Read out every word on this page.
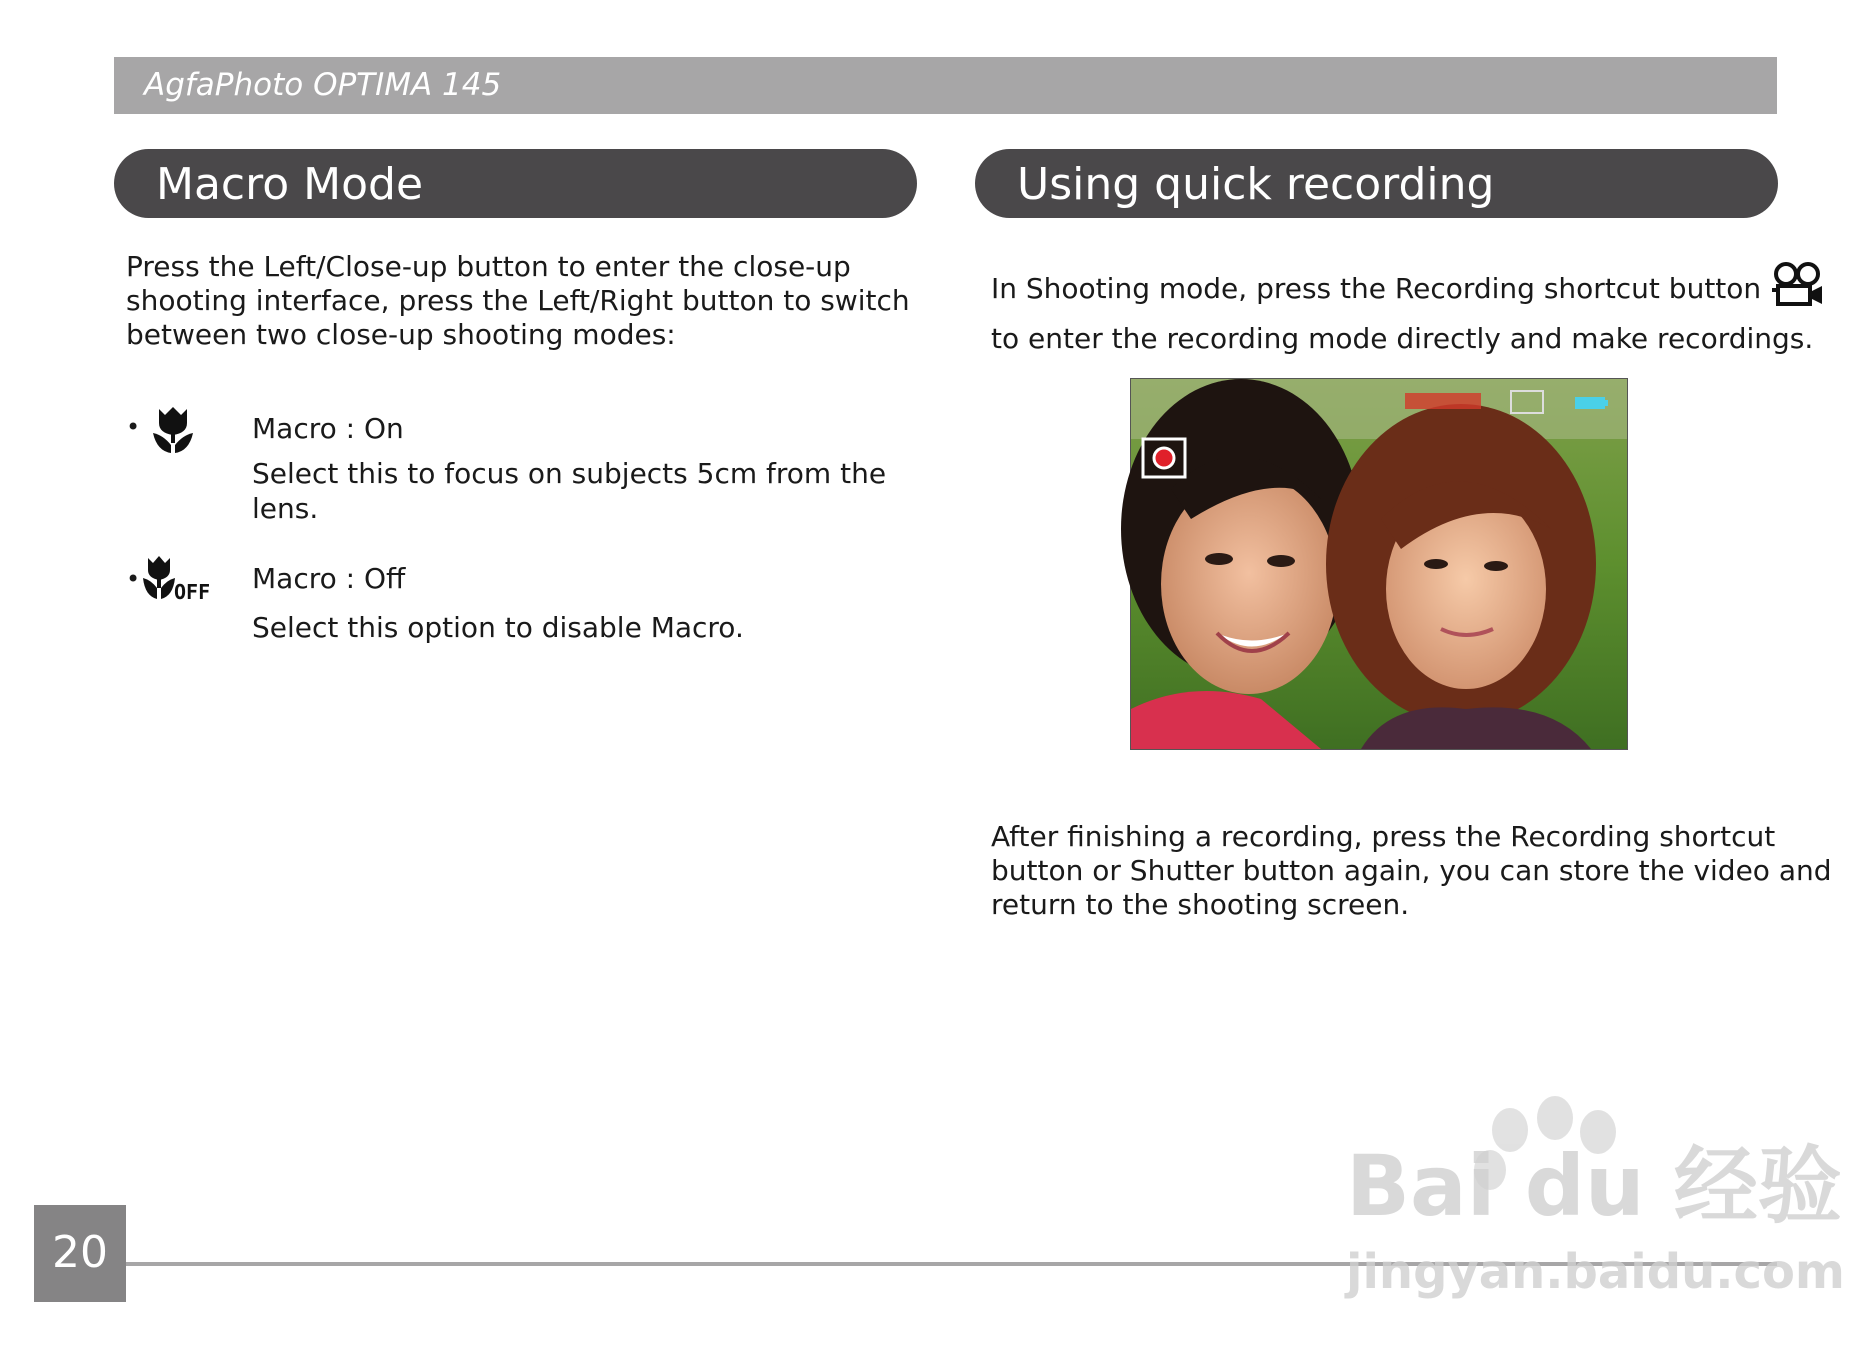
AgfaPhoto OPTIMA 145
Macro Mode
Press the Left/Close-up button to enter the close-up
shooting interface, press the Left/Right button to switch
between two close-up shooting modes:
•	Macro : On
Select this to focus on subjects 5cm from the
lens.
• OFF Macro : Off
Select this option to disable Macro.
Using quick recording
In Shooting mode, press the Recording shortcut button
to enter the recording mode directly and make recordings.
After finishing a recording, press the Recording shortcut
button or Shutter button again, you can store the video and
return to the shooting screen.
20
Bai du 经验
jingyan.baidu.com
